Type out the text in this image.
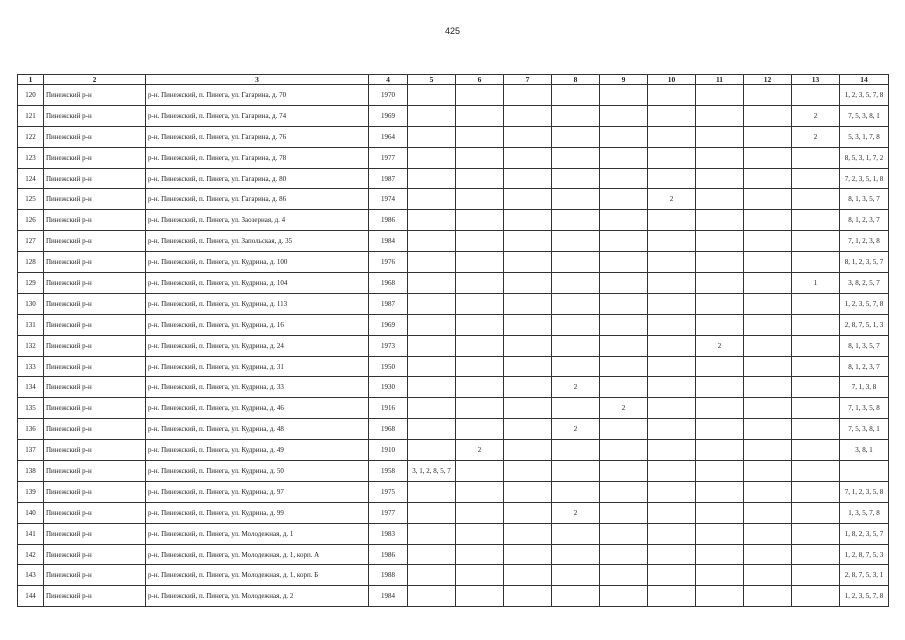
425
1	2	3	4	5	6	7	8	9	10	11	12	13	14
120	Пинежский р-н	р-н. Пинежский, п. Пинега, ул. Гагарина, д. 70	1970										1, 2, 3, 5, 7, 8
121	Пинежский р-н	р-н. Пинежский, п. Пинега, ул. Гагарина, д. 74	1969									2	7, 5, 3, 8, 1
122	Пинежский р-н	р-н. Пинежский, п. Пинега, ул. Гагарина, д. 76	1964									2	5, 3, 1, 7, 8
123	Пинежский р-н	р-н. Пинежский, п. Пинега, ул. Гагарина, д. 78	1977										8, 5, 3, 1, 7, 2
124	Пинежский р-н	р-н. Пинежский, п. Пинега, ул. Гагарина, д. 80	1987										7, 2, 3, 5, 1, 8
125	Пинежский р-н	р-н. Пинежский, п. Пинега, ул. Гагарина, д. 86	1974						2				8, 1, 3, 5, 7
126	Пинежский р-н	р-н. Пинежский, п. Пинега, ул. Заозерная, д. 4	1986										8, 1, 2, 3, 7
127	Пинежский р-н	р-н. Пинежский, п. Пинега, ул. Запольская, д. 35	1984										7, 1, 2, 3, 8
128	Пинежский р-н	р-н. Пинежский, п. Пинега, ул. Кудрина, д. 100	1976										8, 1, 2, 3, 5, 7
129	Пинежский р-н	р-н. Пинежский, п. Пинега, ул. Кудрина, д. 104	1968									1	3, 8, 2, 5, 7
130	Пинежский р-н	р-н. Пинежский, п. Пинега, ул. Кудрина, д. 113	1987										1, 2, 3, 5, 7, 8
131	Пинежский р-н	р-н. Пинежский, п. Пинега, ул. Кудрина, д. 16	1969										2, 8, 7, 5, 1, 3
132	Пинежский р-н	р-н. Пинежский, п. Пинега, ул. Кудрина, д. 24	1973							2			8, 1, 3, 5, 7
133	Пинежский р-н	р-н. Пинежский, п. Пинега, ул. Кудрина, д. 31	1950										8, 1, 2, 3, 7
134	Пинежский р-н	р-н. Пинежский, п. Пинега, ул. Кудрина, д. 33	1930				2						7, 1, 3, 8
135	Пинежский р-н	р-н. Пинежский, п. Пинега, ул. Кудрина, д. 46	1916					2					7, 1, 3, 5, 8
136	Пинежский р-н	р-н. Пинежский, п. Пинега, ул. Кудрина, д. 48	1968				2						7, 5, 3, 8, 1
137	Пинежский р-н	р-н. Пинежский, п. Пинега, ул. Кудрина, д. 49	1910		2								3, 8, 1
138	Пинежский р-н	р-н. Пинежский, п. Пинега, ул. Кудрина, д. 50	1958	3, 1, 2, 8, 5, 7									
139	Пинежский р-н	р-н. Пинежский, п. Пинега, ул. Кудрина, д. 97	1975										7, 1, 2, 3, 5, 8
140	Пинежский р-н	р-н. Пинежский, п. Пинега, ул. Кудрина, д. 99	1977				2						1, 3, 5, 7, 8
141	Пинежский р-н	р-н. Пинежский, п. Пинега, ул. Молодежная, д. 1	1983										1, 8, 2, 3, 5, 7
142	Пинежский р-н	р-н. Пинежский, п. Пинега, ул. Молодежная, д. 1, корп. А	1986										1, 2, 8, 7, 5, 3
143	Пинежский р-н	р-н. Пинежский, п. Пинега, ул. Молодежная, д. 1, корп. Б	1988										2, 8, 7, 5, 3, 1
144	Пинежский р-н	р-н. Пинежский, п. Пинега, ул. Молодежная, д. 2	1984										1, 2, 3, 5, 7, 8
